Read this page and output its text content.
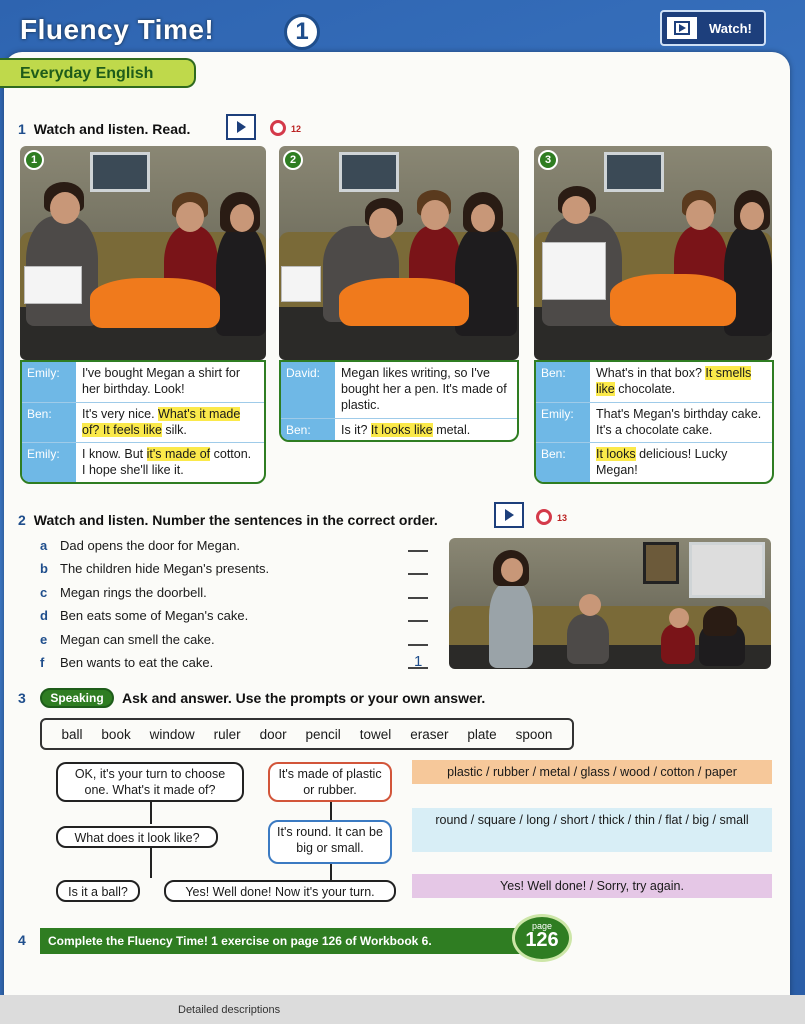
Fluency Time!	1	Watch!
Everyday English
1 Watch and listen. Read.	12
1	2	3
Emily:	I've bought Megan a shirt for her birthday. Look!
Ben:	It's very nice. What's it made of? It feels like silk.
Emily:	I know. But it's made of cotton. I hope she'll like it.
David:	Megan likes writing, so I've bought her a pen. It's made of plastic.
Ben:	Is it? It looks like metal.
Ben:	What's in that box? It smells like chocolate.
Emily:	That's Megan's birthday cake. It's a chocolate cake.
Ben:	It looks delicious! Lucky Megan!
2 Watch and listen. Number the sentences in the correct order.	13
a Dad opens the door for Megan.
b The children hide Megan's presents.
c Megan rings the doorbell.
d Ben eats some of Megan's cake.
e Megan can smell the cake.
f	Ben wants to eat the cake.	1
3	Speaking	Ask and answer. Use the prompts or your own answer.
ball book window ruler door pencil towel eraser plate spoon
OK, it's your turn to choose one. What's it made of?
It's made of plastic or rubber.
plastic / rubber / metal / glass / wood / cotton / paper
What does it look like?	It's round. It can be big or small.
round / square / long / short / thick / thin / flat / big / small
Is it a ball?	Yes! Well done! Now it's your turn.	Yes! Well done! / Sorry, try again.
4	Complete the Fluency Time! 1 exercise on page 126 of Workbook 6.
page
126
Detailed descriptions
